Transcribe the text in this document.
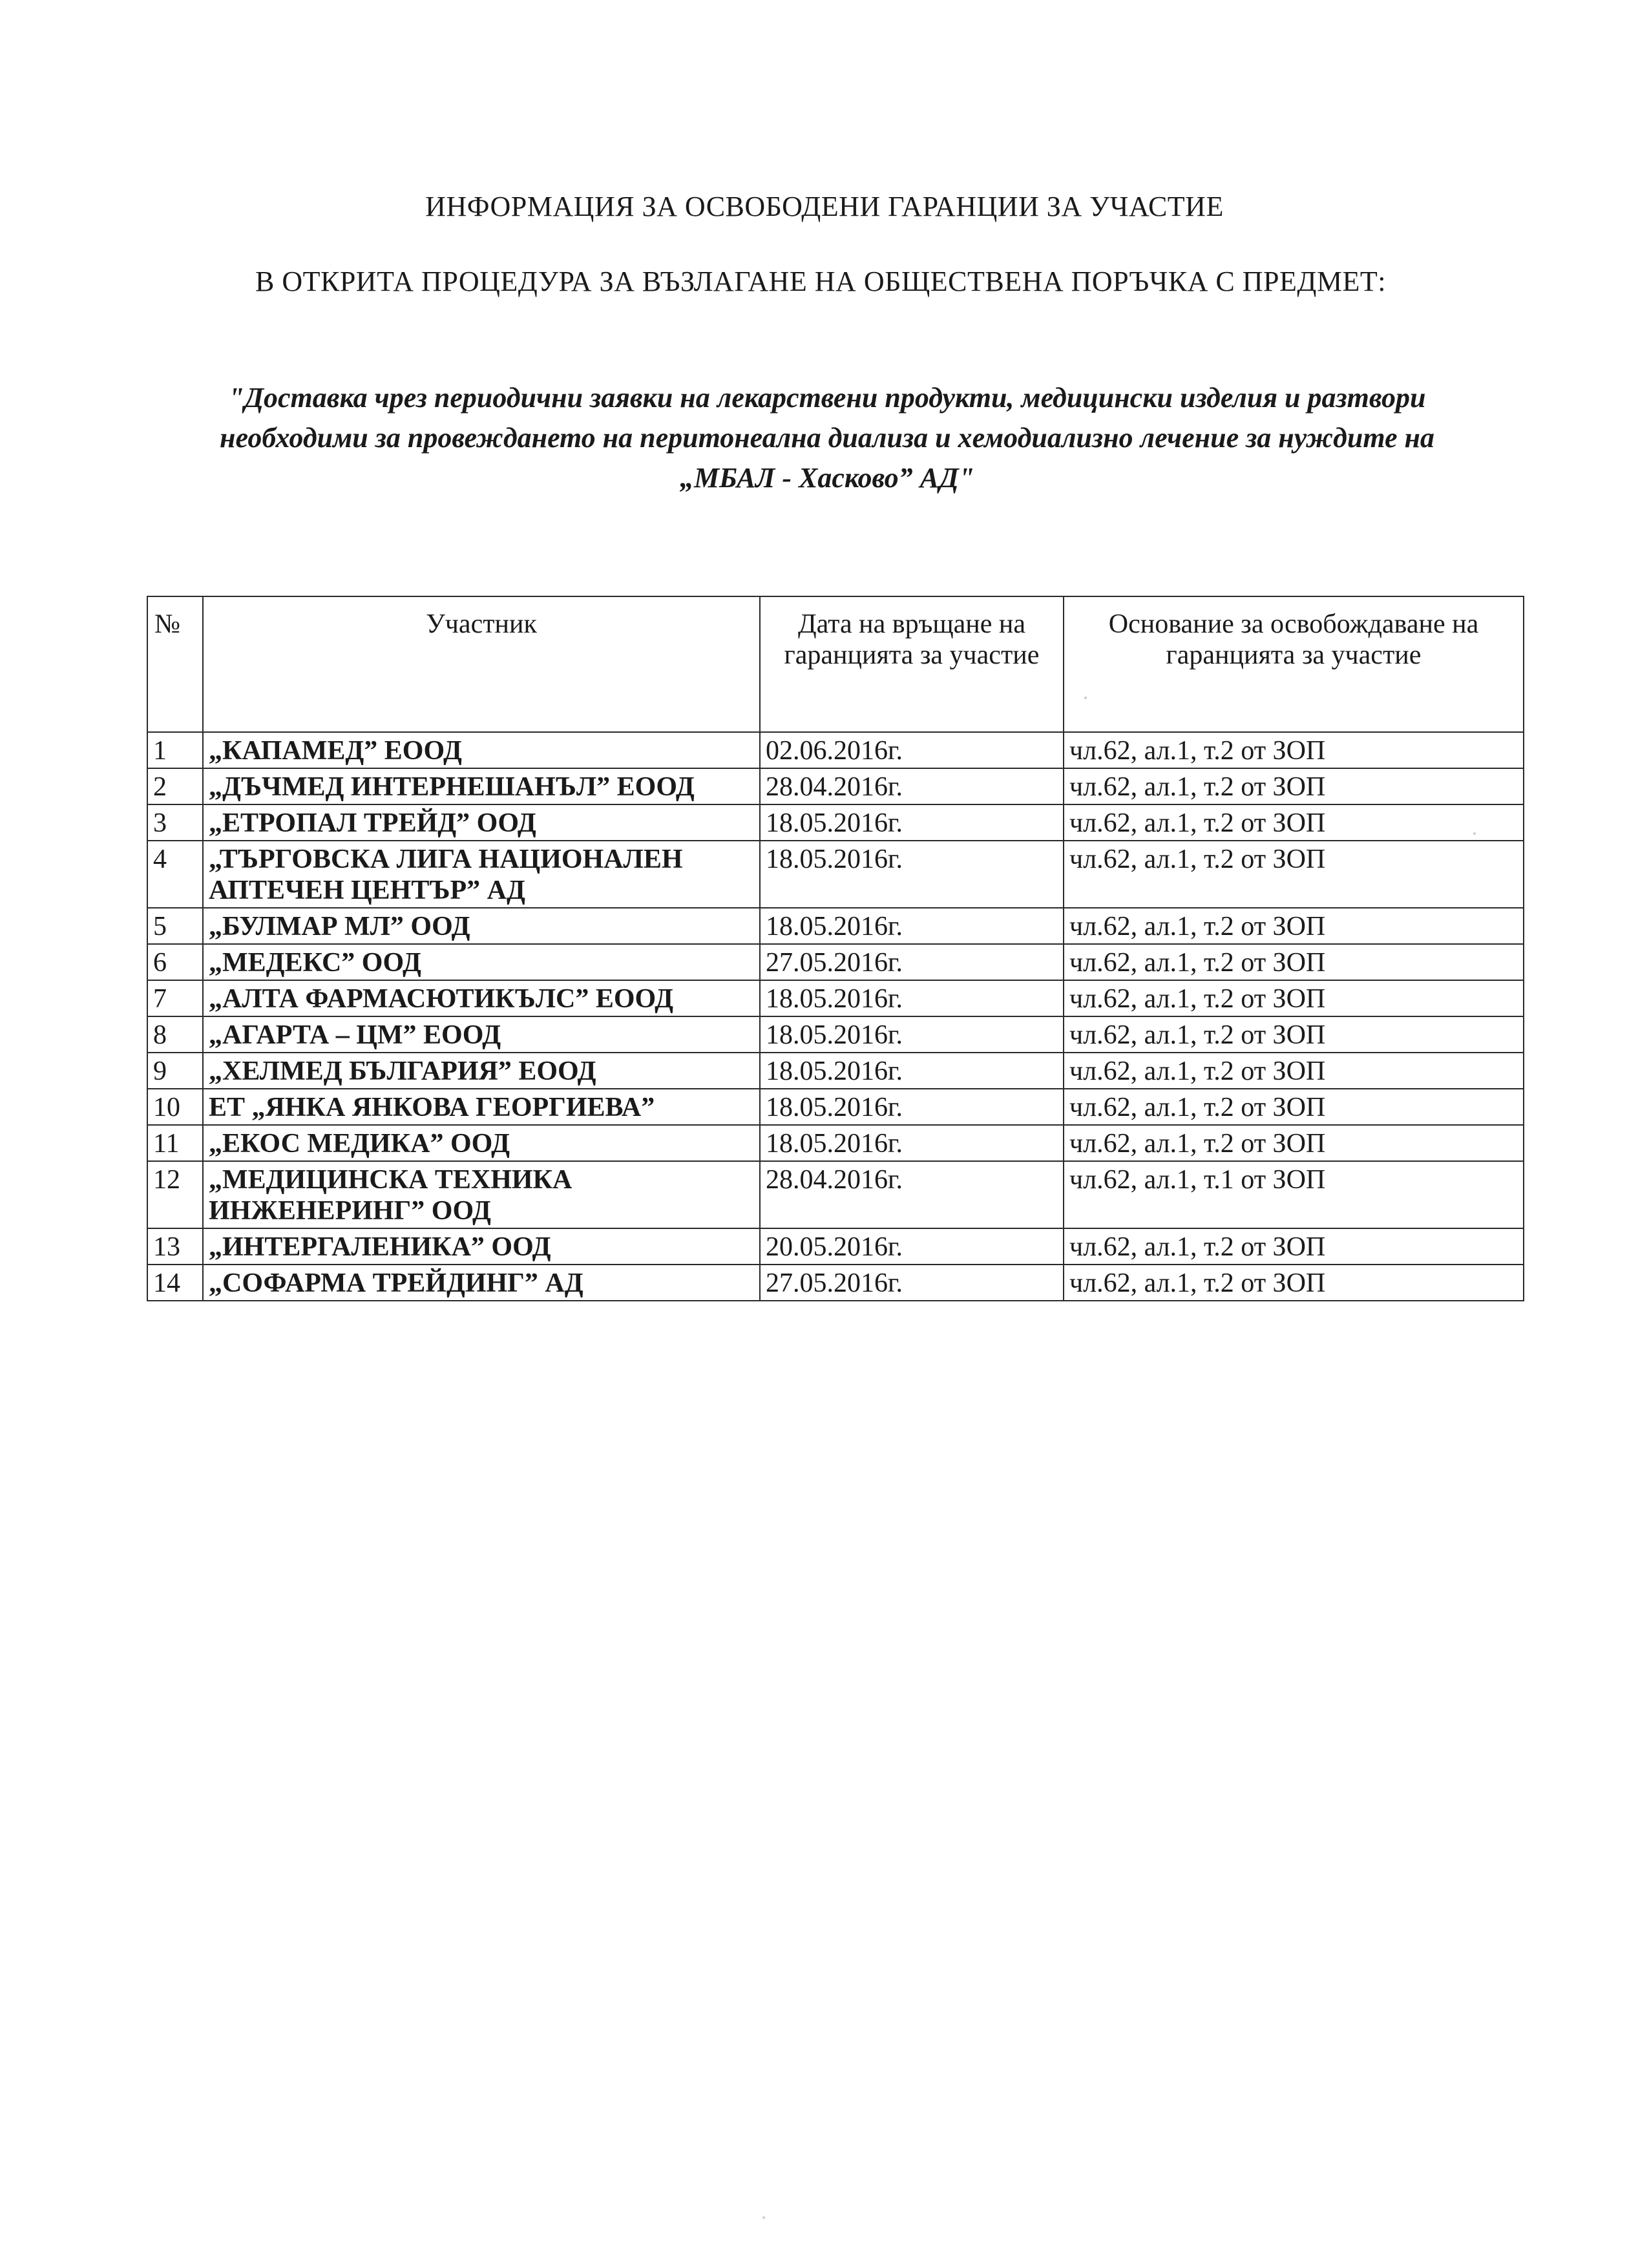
ИНФОРМАЦИЯ ЗА ОСВОБОДЕНИ ГАРАНЦИИ ЗА УЧАСТИЕ
В ОТКРИТА ПРОЦЕДУРА ЗА ВЪЗЛАГАНЕ НА ОБЩЕСТВЕНА ПОРЪЧКА С ПРЕДМЕТ:
"Доставка чрез периодични заявки на лекарствени продукти, медицински изделия и разтвори необходими за провеждането на перитонеална диализа и хемодиализно лечение за нуждите на „МБАЛ - Хасково” АД"
№	Участник	Дата на връщане на гаранцията за участие	Основание за освобождаване на гаранцията за участие
1	„КАПАМЕД” ЕООД	02.06.2016г.	чл.62, ал.1, т.2 от ЗОП
2	„ДЪЧМЕД ИНТЕРНЕШАНЪЛ” ЕООД	28.04.2016г.	чл.62, ал.1, т.2 от ЗОП
3	„ЕТРОПАЛ ТРЕЙД” ООД	18.05.2016г.	чл.62, ал.1, т.2 от ЗОП
4	„ТЪРГОВСКА ЛИГА НАЦИОНАЛЕН АПТЕЧЕН ЦЕНТЪР” АД	18.05.2016г.	чл.62, ал.1, т.2 от ЗОП
5	„БУЛМАР МЛ” ООД	18.05.2016г.	чл.62, ал.1, т.2 от ЗОП
6	„МЕДЕКС” ООД	27.05.2016г.	чл.62, ал.1, т.2 от ЗОП
7	„АЛТА ФАРМАСЮТИКЪЛС” ЕООД	18.05.2016г.	чл.62, ал.1, т.2 от ЗОП
8	„АГАРТА – ЦМ” ЕООД	18.05.2016г.	чл.62, ал.1, т.2 от ЗОП
9	„ХЕЛМЕД БЪЛГАРИЯ” ЕООД	18.05.2016г.	чл.62, ал.1, т.2 от ЗОП
10	ЕТ „ЯНКА ЯНКОВА ГЕОРГИЕВА”	18.05.2016г.	чл.62, ал.1, т.2 от ЗОП
11	„ЕКОС МЕДИКА” ООД	18.05.2016г.	чл.62, ал.1, т.2 от ЗОП
12	„МЕДИЦИНСКА ТЕХНИКА ИНЖЕНЕРИНГ” ООД	28.04.2016г.	чл.62, ал.1, т.1 от ЗОП
13	„ИНТЕРГАЛЕНИКА” ООД	20.05.2016г.	чл.62, ал.1, т.2 от ЗОП
14	„СОФАРМА ТРЕЙДИНГ” АД	27.05.2016г.	чл.62, ал.1, т.2 от ЗОП
